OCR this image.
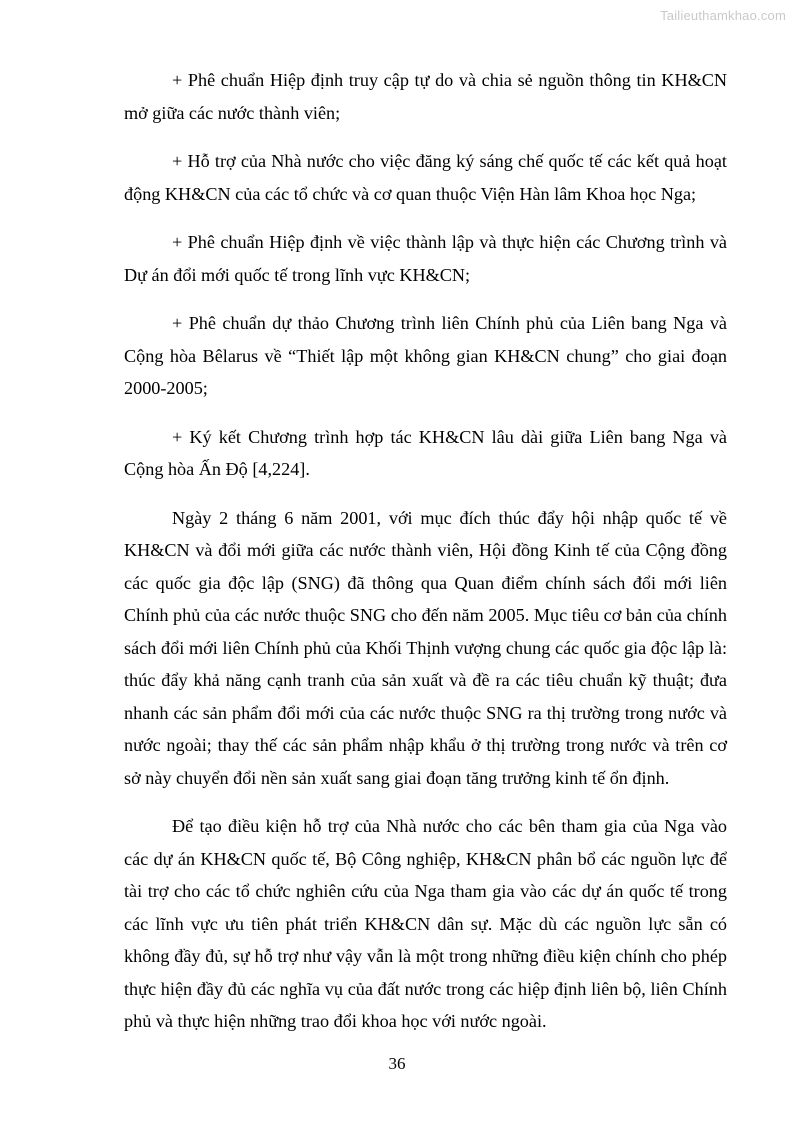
Tailieuthamkhao.com

+ Phê chuẩn Hiệp định truy cập tự do và chia sẻ nguồn thông tin KH&CN mở giữa các nước thành viên;

+ Hỗ trợ của Nhà nước cho việc đăng ký sáng chế quốc tế các kết quả hoạt động KH&CN của các tổ chức và cơ quan thuộc Viện Hàn lâm Khoa học Nga;

+ Phê chuẩn Hiệp định về việc thành lập và thực hiện các Chương trình và Dự án đổi mới quốc tế trong lĩnh vực KH&CN;

+ Phê chuẩn dự thảo Chương trình liên Chính phủ của Liên bang Nga và Cộng hòa Bêlarus về “Thiết lập một không gian KH&CN chung” cho giai đoạn 2000-2005;

+ Ký kết Chương trình hợp tác KH&CN lâu dài giữa Liên bang Nga và Cộng hòa Ấn Độ [4,224].

Ngày 2 tháng 6 năm 2001, với mục đích thúc đẩy hội nhập quốc tế về KH&CN và đổi mới giữa các nước thành viên, Hội đồng Kinh tế của Cộng đồng các quốc gia độc lập (SNG) đã thông qua Quan điểm chính sách đổi mới liên Chính phủ của các nước thuộc SNG cho đến năm 2005. Mục tiêu cơ bản của chính sách đổi mới liên Chính phủ của Khối Thịnh vượng chung các quốc gia độc lập là: thúc đẩy khả năng cạnh tranh của sản xuất và đề ra các tiêu chuẩn kỹ thuật; đưa nhanh các sản phẩm đổi mới của các nước thuộc SNG ra thị trường trong nước và nước ngoài; thay thế các sản phẩm nhập khẩu ở thị trường trong nước và trên cơ sở này chuyển đổi nền sản xuất sang giai đoạn tăng trưởng kinh tế ổn định.

Để tạo điều kiện hỗ trợ của Nhà nước cho các bên tham gia của Nga vào các dự án KH&CN quốc tế, Bộ Công nghiệp, KH&CN phân bổ các nguồn lực để tài trợ cho các tổ chức nghiên cứu của Nga tham gia vào các dự án quốc tế trong các lĩnh vực ưu tiên phát triển KH&CN dân sự. Mặc dù các nguồn lực sẵn có không đầy đủ, sự hỗ trợ như vậy vẫn là một trong những điều kiện chính cho phép thực hiện đầy đủ các nghĩa vụ của đất nước trong các hiệp định liên bộ, liên Chính phủ và thực hiện những trao đổi khoa học với nước ngoài.

36
